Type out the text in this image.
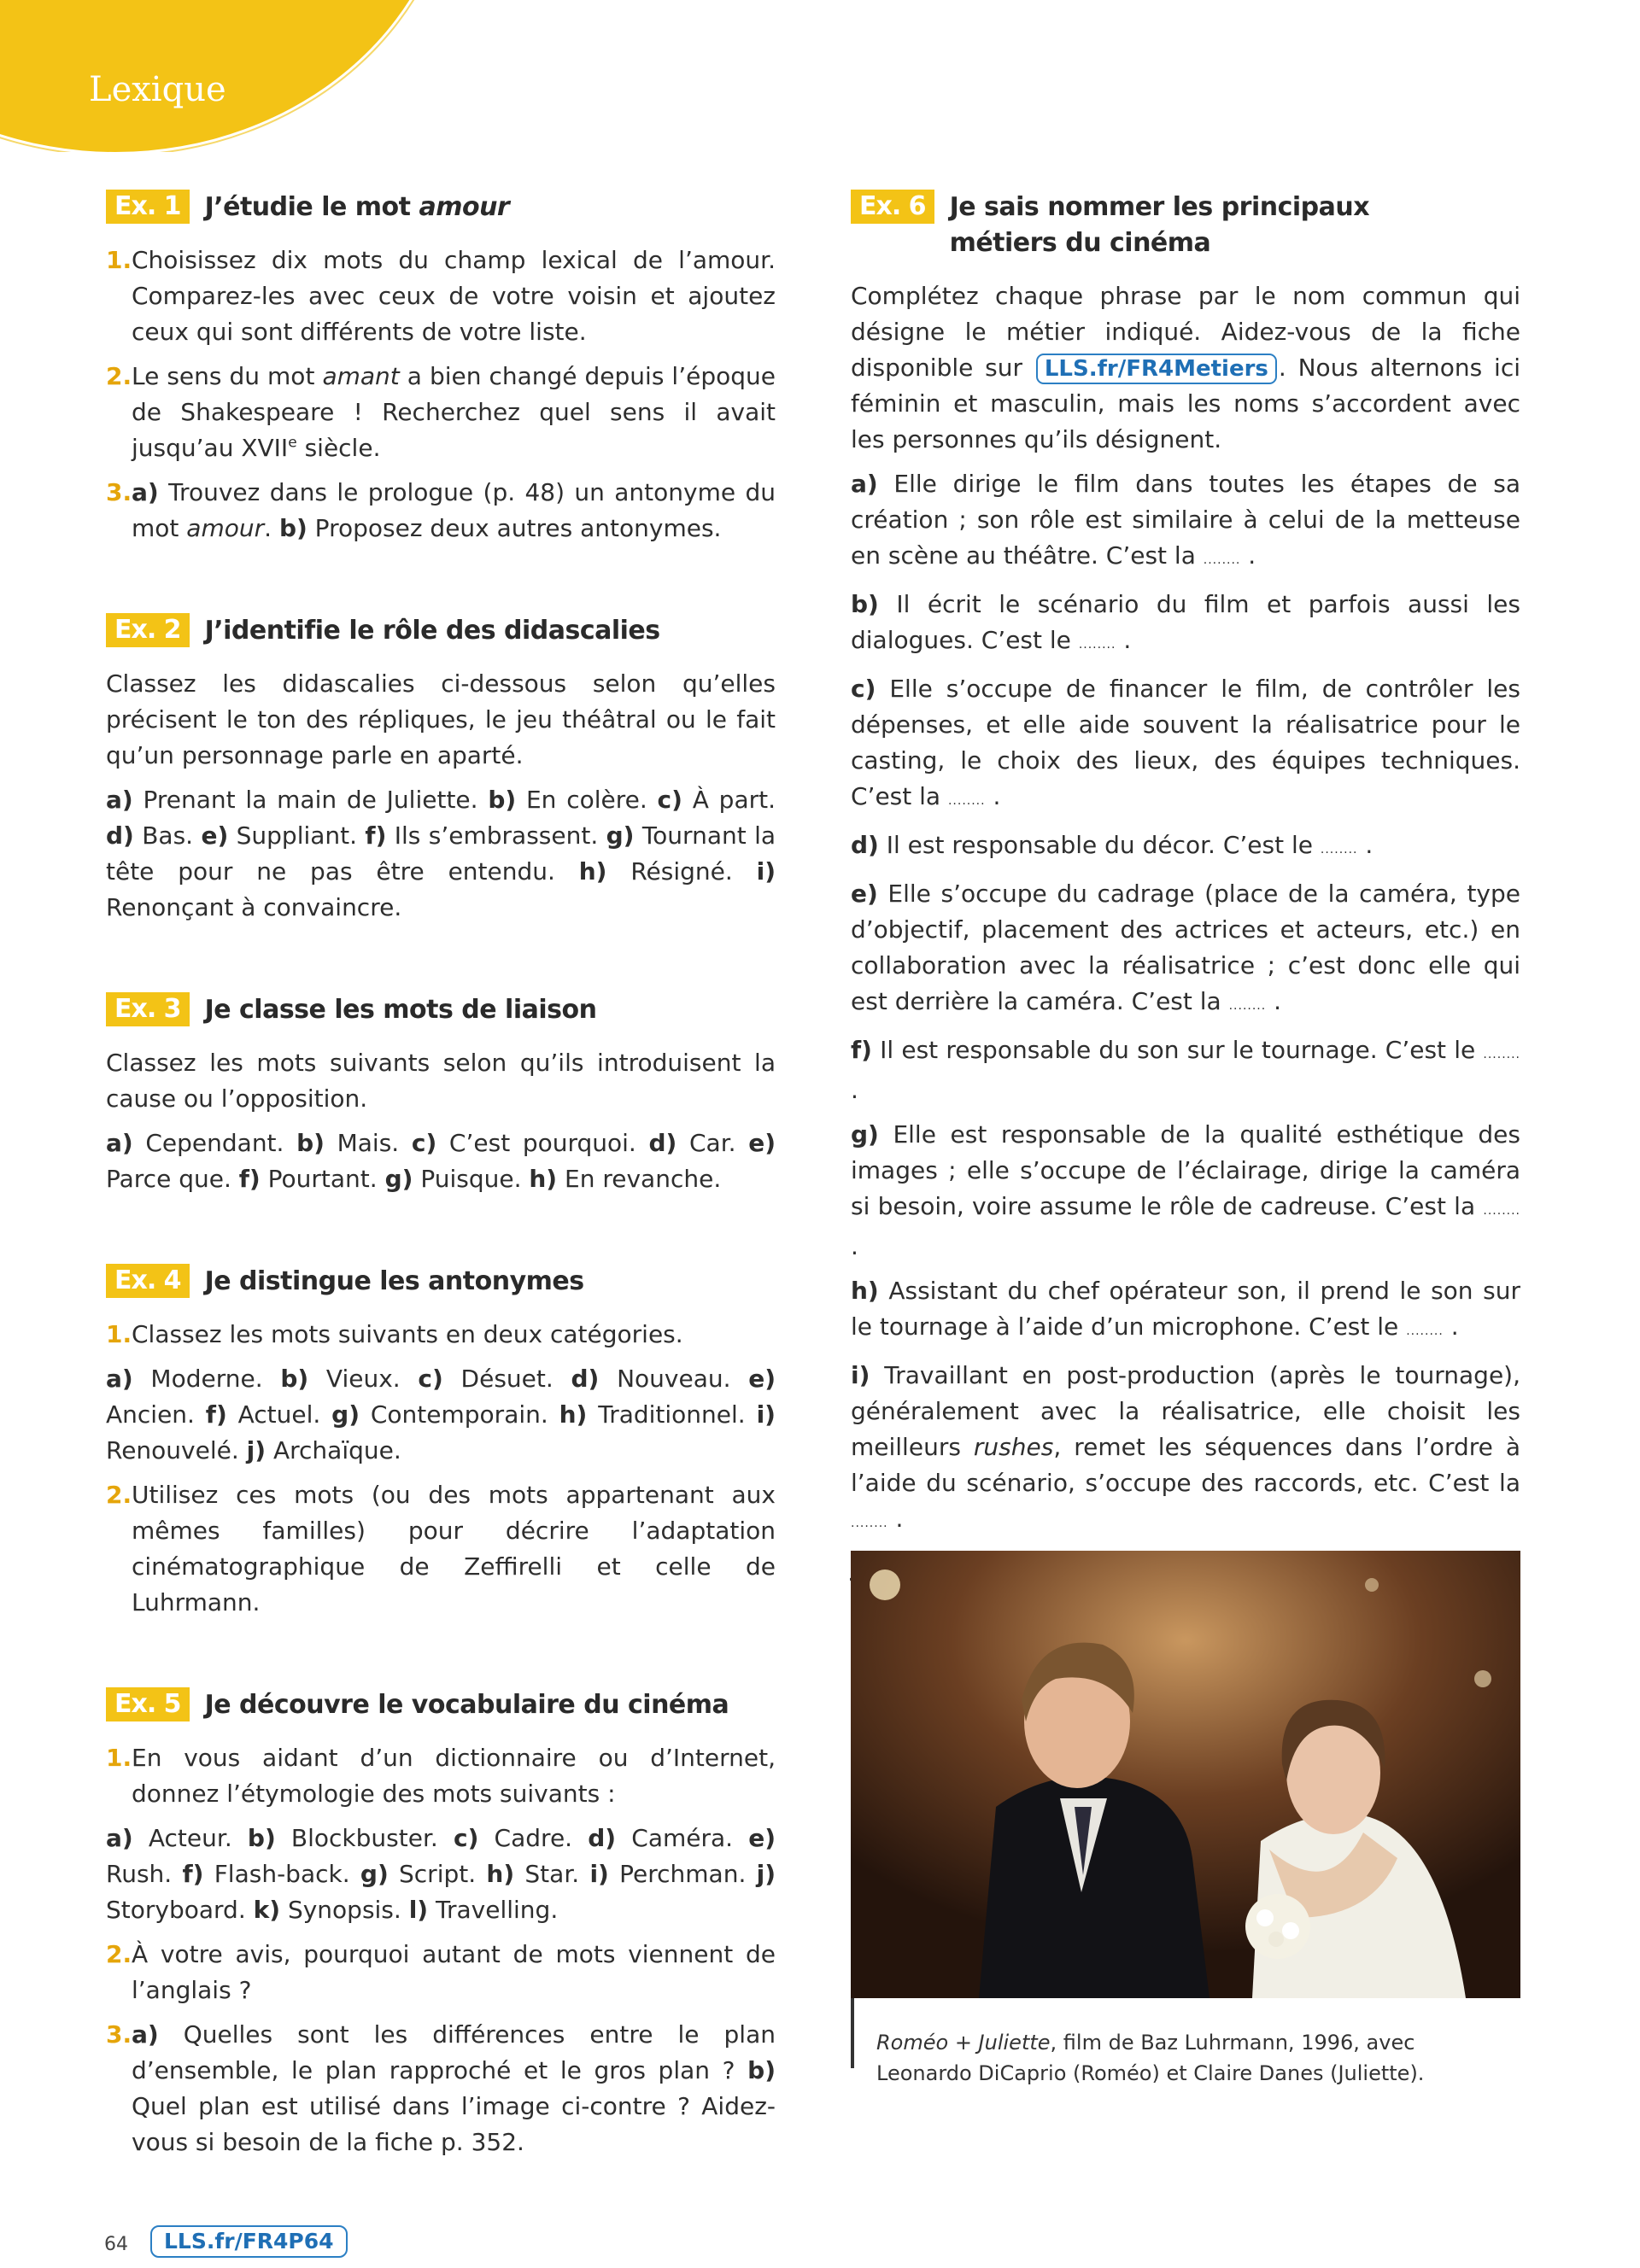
Lexique
Ex. 1 J’étudie le mot amour

1. Choisissez dix mots du champ lexical de l’amour. Comparez-les avec ceux de votre voisin et ajoutez ceux qui sont différents de votre liste.
2. Le sens du mot amant a bien changé depuis l’époque de Shakespeare ! Recherchez quel sens il avait jusqu’au XVIIe siècle.
3. a) Trouvez dans le prologue (p. 48) un antonyme du mot amour. b) Proposez deux autres antonymes.
Ex. 2 J’identifie le rôle des didascalies

Classez les didascalies ci-dessous selon qu’elles précisent le ton des répliques, le jeu théâtral ou le fait qu’un personnage parle en aparté.

a) Prenant la main de Juliette. b) En colère. c) À part. d) Bas. e) Suppliant. f) Ils s’embrassent. g) Tournant la tête pour ne pas être entendu. h) Résigné. i) Renonçant à convaincre.

Ex. 3 Je classe les mots de liaison

Classez les mots suivants selon qu’ils introduisent la cause ou l’opposition.

a) Cependant. b) Mais. c) C’est pourquoi. d) Car. e) Parce que. f) Pourtant. g) Puisque. h) En revanche.

Ex. 4 Je distingue les antonymes

1. Classez les mots suivants en deux catégories.

a) Moderne. b) Vieux. c) Désuet. d) Nouveau. e) Ancien. f) Actuel. g) Contemporain. h) Traditionnel. i) Renouvelé. j) Archaïque.

2. Utilisez ces mots (ou des mots appartenant aux mêmes familles) pour décrire l’adaptation cinématographique de Zeffirelli et celle de Luhrmann.
Ex. 5 Je découvre le vocabulaire du cinéma

1. En vous aidant d’un dictionnaire ou d’Internet, donnez l’étymologie des mots suivants :

a) Acteur. b) Blockbuster. c) Cadre. d) Caméra. e) Rush. f) Flash-back. g) Script. h) Star. i) Perchman. j) Storyboard. k) Synopsis. l) Travelling.

2. À votre avis, pourquoi autant de mots viennent de l’anglais ?
3. a) Quelles sont les différences entre le plan d’ensemble, le plan rapproché et le gros plan ? b) Quel plan est utilisé dans l’image ci-contre ? Aidez-vous si besoin de la fiche p. 352.
Ex. 6 Je sais nommer les principaux métiers du cinéma

Complétez chaque phrase par le nom commun qui désigne le métier indiqué. Aidez-vous de la fiche disponible sur LLS.fr/FR4Metiers . Nous alternons ici féminin et masculin, mais les noms s’accordent avec les personnes qu’ils désignent.

a) Elle dirige le film dans toutes les étapes de sa création ; son rôle est similaire à celui de la metteuse en scène au théâtre. C’est la ........ .

b) Il écrit le scénario du film et parfois aussi les dialogues. C’est le ........ .

c) Elle s’occupe de financer le film, de contrôler les dépenses, et elle aide souvent la réalisatrice pour le casting, le choix des lieux, des équipes techniques. C’est la ........ .

d) Il est responsable du décor. C’est le ........ .

e) Elle s’occupe du cadrage (place de la caméra, type d’objectif, placement des actrices et acteurs, etc.) en collaboration avec la réalisatrice ; c’est donc elle qui est derrière la caméra. C’est la ........ .

f) Il est responsable du son sur le tournage. C’est le ........ .

g) Elle est responsable de la qualité esthétique des images ; elle s’occupe de l’éclairage, dirige la caméra si besoin, voire assume le rôle de cadreuse. C’est la ........ .

h) Assistant du chef opérateur son, il prend le son sur le tournage à l’aide d’un microphone. C’est le ........ .

i) Travaillant en post-production (après le tournage), généralement avec la réalisatrice, elle choisit les meilleurs rushes, remet les séquences dans l’ordre à l’aide du scénario, s’occupe des raccords, etc. C’est la ........ .

Roméo + Juliette, film de Baz Luhrmann, 1996, avec Leonardo DiCaprio (Roméo) et Claire Danes (Juliette).

64	LLS.fr/FR4P64
